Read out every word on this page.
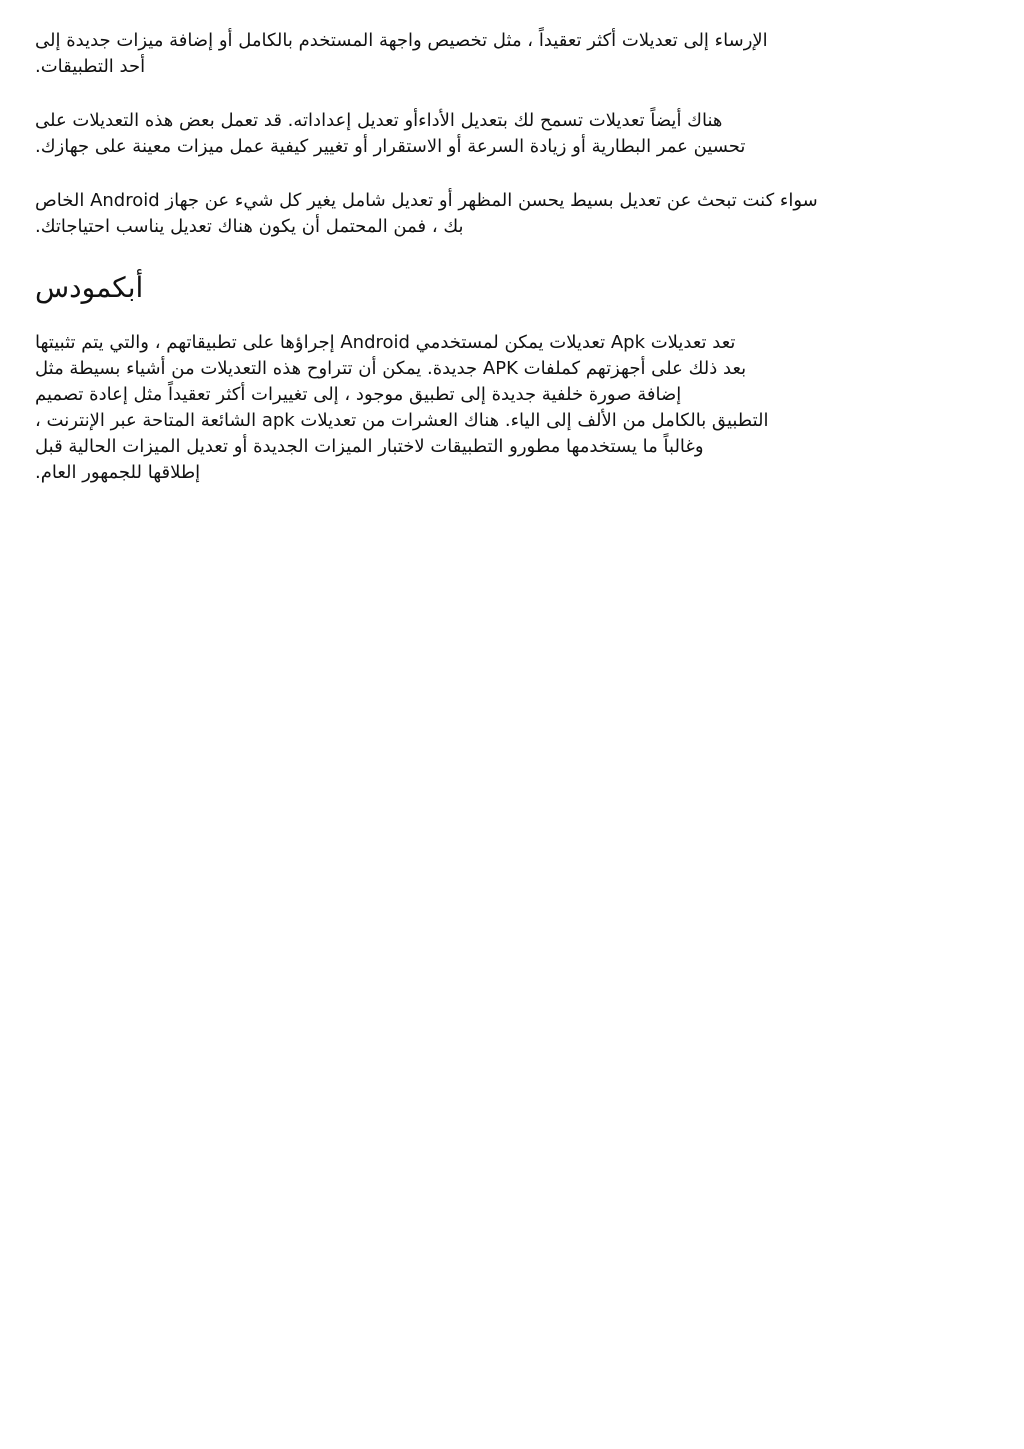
الإرساء إلى تعديلات أكثر تعقيداً ، مثل تخصيص واجهة المستخدم بالكامل أو إضافة ميزات جديدة إلى
أحد التطبيقات.

هناك أيضاً تعديلات تسمح لك بتعديل الأداءأو تعديل إعداداته. قد تعمل بعض هذه التعديلات على
تحسين عمر البطارية أو زيادة السرعة أو الاستقرار أو تغيير كيفية عمل ميزات معينة على جهازك.

سواء كنت تبحث عن تعديل بسيط يحسن المظهر أو تعديل شامل يغير كل شيء عن جهاز Android الخاص
بك ، فمن المحتمل أن يكون هناك تعديل يناسب احتياجاتك.

أبكمودس

تعد تعديلات Apk تعديلات يمكن لمستخدمي Android إجراؤها على تطبيقاتهم ، والتي يتم تثبيتها
بعد ذلك على أجهزتهم كملفات APK جديدة. يمكن أن تتراوح هذه التعديلات من أشياء بسيطة مثل
إضافة صورة خلفية جديدة إلى تطبيق موجود ، إلى تغييرات أكثر تعقيداً مثل إعادة تصميم
التطبيق بالكامل من الألف إلى الياء. هناك العشرات من تعديلات apk الشائعة المتاحة عبر الإنترنت ،
وغالباً ما يستخدمها مطورو التطبيقات لاختبار الميزات الجديدة أو تعديل الميزات الحالية قبل
إطلاقها للجمهور العام.
